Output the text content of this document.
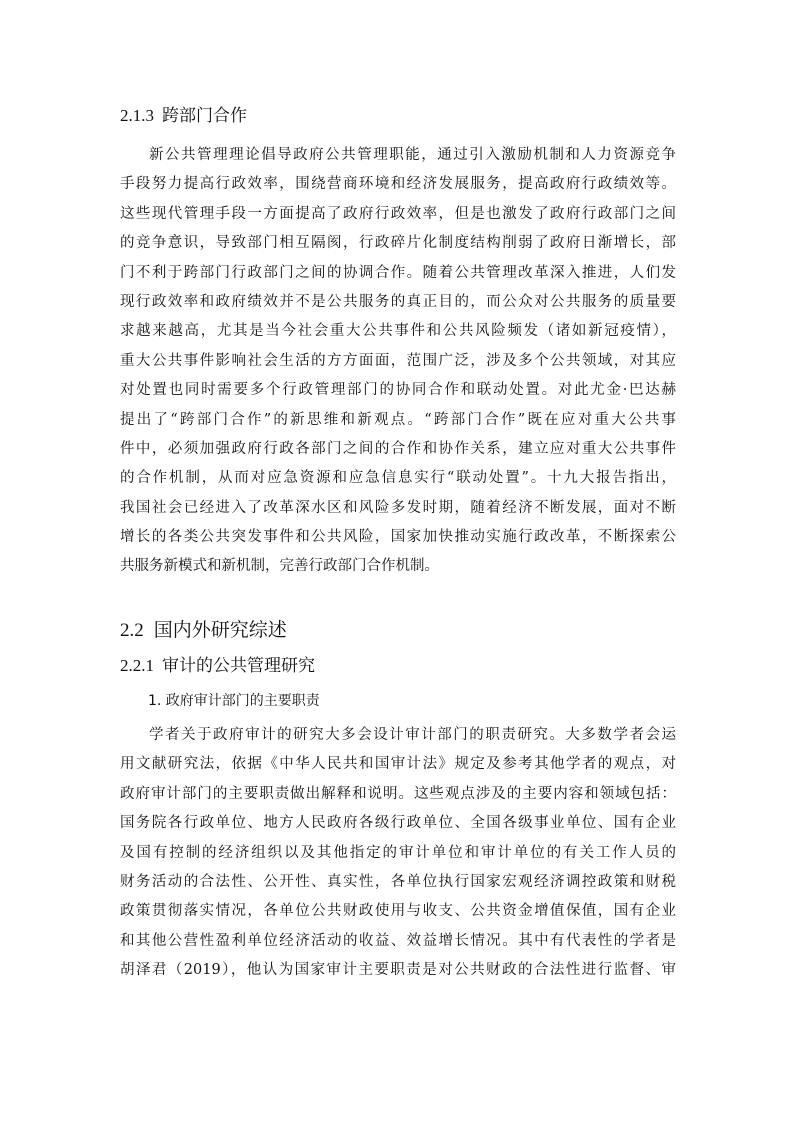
2.1.3 跨部门合作
新公共管理理论倡导政府公共管理职能，通过引入激励机制和人力资源竞争
手段努力提高行政效率，围绕营商环境和经济发展服务，提高政府行政绩效等。
这些现代管理手段一方面提高了政府行政效率，但是也激发了政府行政部门之间
的竞争意识，导致部门相互隔阂，行政碎片化制度结构削弱了政府日渐增长，部
门不利于跨部门行政部门之间的协调合作。随着公共管理改革深入推进，人们发
现行政效率和政府绩效并不是公共服务的真正目的，而公众对公共服务的质量要
求越来越高，尤其是当今社会重大公共事件和公共风险频发（诸如新冠疫情），
重大公共事件影响社会生活的方方面面，范围广泛，涉及多个公共领域，对其应
对处置也同时需要多个行政管理部门的协同合作和联动处置。对此尤金·巴达赫
提出了“跨部门合作”的新思维和新观点。“跨部门合作”既在应对重大公共事
件中，必须加强政府行政各部门之间的合作和协作关系，建立应对重大公共事件
的合作机制，从而对应急资源和应急信息实行“联动处置”。十九大报告指出，
我国社会已经进入了改革深水区和风险多发时期，随着经济不断发展，面对不断
增长的各类公共突发事件和公共风险，国家加快推动实施行政改革，不断探索公
共服务新模式和新机制，完善行政部门合作机制。
2.2 国内外研究综述
2.2.1 审计的公共管理研究
1. 政府审计部门的主要职责
学者关于政府审计的研究大多会设计审计部门的职责研究。大多数学者会运
用文献研究法，依据《中华人民共和国审计法》规定及参考其他学者的观点，对
政府审计部门的主要职责做出解释和说明。这些观点涉及的主要内容和领域包括：
国务院各行政单位、地方人民政府各级行政单位、全国各级事业单位、国有企业
及国有控制的经济组织以及其他指定的审计单位和审计单位的有关工作人员的
财务活动的合法性、公开性、真实性，各单位执行国家宏观经济调控政策和财税
政策贯彻落实情况，各单位公共财政使用与收支、公共资金增值保值，国有企业
和其他公营性盈利单位经济活动的收益、效益增长情况。其中有代表性的学者是
胡泽君（2019），他认为国家审计主要职责是对公共财政的合法性进行监督、审
